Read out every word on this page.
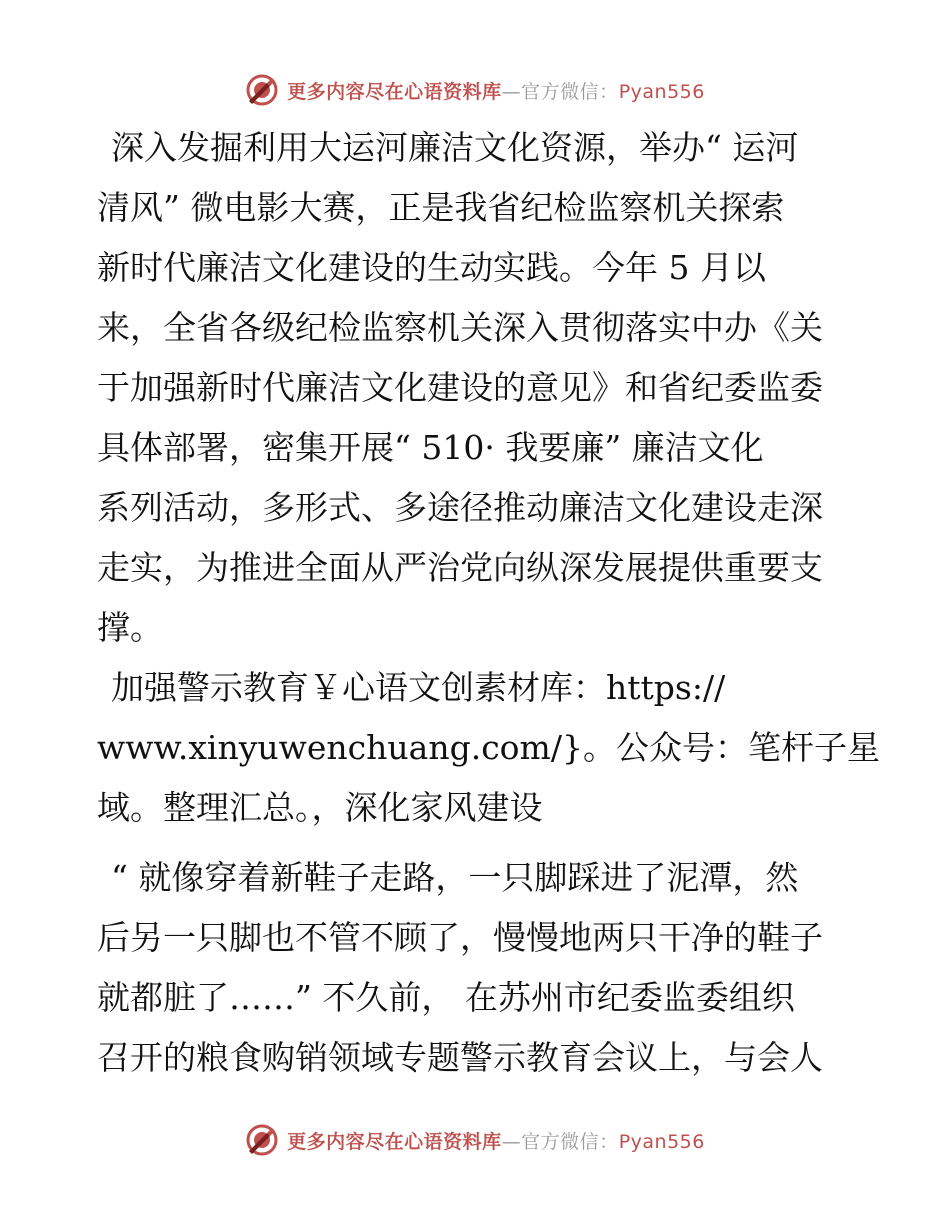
更多内容尽在心语资料库—官方微信：Pyan556
深入发掘利用大运河廉洁文化资源，举办“ 运河
清风” 微电影大赛，正是我省纪检监察机关探索
新时代廉洁文化建设的生动实践。今年 5 月以
来，全省各级纪检监察机关深入贯彻落实中办《关
于加强新时代廉洁文化建设的意见》和省纪委监委
具体部署，密集开展“ 510· 我要廉” 廉洁文化
系列活动，多形式、多途径推动廉洁文化建设走深
走实，为推进全面从严治党向纵深发展提供重要支
撑。
加强警示教育￥心语文创素材库：https://
www.xinyuwenchuang.com/}。公众号：笔杆子星
域。整理汇总。，深化家风建设
“ 就像穿着新鞋子走路，一只脚踩进了泥潭，然
后另一只脚也不管不顾了，慢慢地两只干净的鞋子
就都脏了……” 不久前， 在苏州市纪委监委组织
召开的粮食购销领域专题警示教育会议上，与会人
更多内容尽在心语资料库—官方微信：Pyan556
